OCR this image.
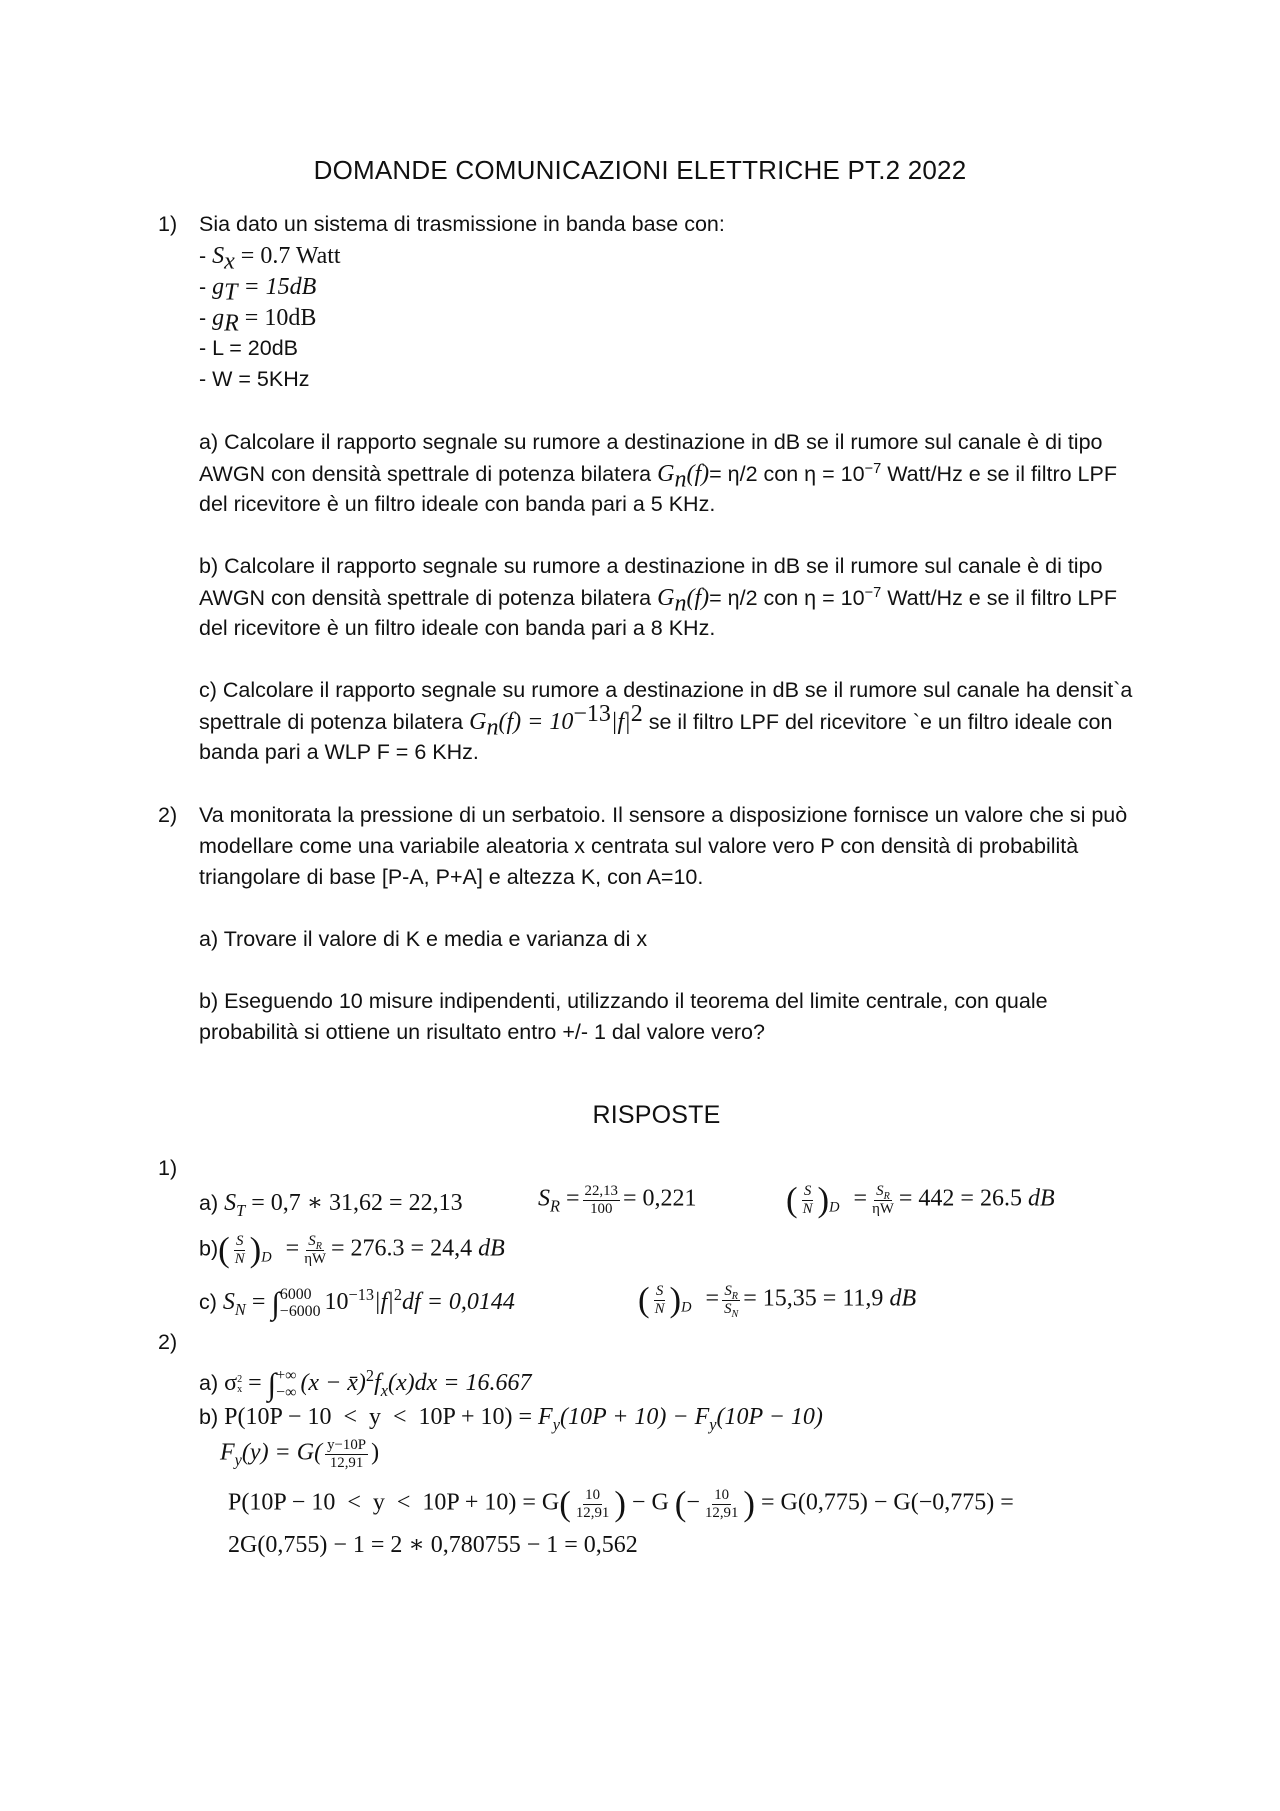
DOMANDE COMUNICAZIONI ELETTRICHE PT.2 2022
1) Sia dato un sistema di trasmissione in banda base con:
- $S_x = 0.7$ Watt
- $g_T = 15dB$
- $g_R = 10dB$
- L = 20dB
- W = 5KHz
a) Calcolare il rapporto segnale su rumore a destinazione in dB se il rumore sul canale è di tipo
AWGN con densità spettrale di potenza bilatera $G_n(f)= \eta/2$ con $\eta = 10^{-7}$ Watt/Hz e se il filtro LPF
del ricevitore è un filtro ideale con banda pari a 5 KHz.
b) Calcolare il rapporto segnale su rumore a destinazione in dB se il rumore sul canale è di tipo
AWGN con densità spettrale di potenza bilatera $G_n(f)= \eta/2$ con $\eta = 10^{-7}$ Watt/Hz e se il filtro LPF
del ricevitore è un filtro ideale con banda pari a 8 KHz.
c) Calcolare il rapporto segnale su rumore a destinazione in dB se il rumore sul canale ha densit`a
spettrale di potenza bilatera $G_n(f) = 10^{-13}|f|^2$ se il filtro LPF del ricevitore `e un filtro ideale con
banda pari a WLP F = 6 KHz.
2) Va monitorata la pressione di un serbatoio. Il sensore a disposizione fornisce un valore che si può
modellare come una variabile aleatoria x centrata sul valore vero P con densità di probabilità
triangolare di base [P-A, P+A] e altezza K, con A=10.
a) Trovare il valore di K e media e varianza di x
b) Eseguendo 10 misure indipendenti, utilizzando il teorema del limite centrale, con quale
probabilità si ottiene un risultato entro +/- 1 dal valore vero?
RISPOSTE
1)
a) $S_T = 0,7$ ∗ 31,62 = 22,13	$S_R = \frac{22,13}{100} = 0,221$	( $\frac{S}{N} )_D = \frac{S_R}{\eta W} = 442 = 26.5$ dB
$b)( \frac{S}{N} )_D = \frac{S_R}{\eta W} = 276.3 = 24,4$ dB
c) $S_N$ = ∫ 6000
−6000 $10^{-13}|f|^2df = 0,0144$	( $\frac{S}{N} )_D = \frac{S_R}{S_N} = 15,35 = 11,9$ dB
2)
a) σ 2
x = ∫ +∞
−∞ $(x - x̄)^2f_x(x)dx = 16.667$
b) $P(10P - 10 < y < 10P + 10) = F_y(10P + 10) - F_y(10P - 10)$
$F_y(y) = G( \frac{y-10P}{12,91}$ )
$P(10P - 10 < y < 10P + 10) = G( \frac{10}{12,91}$ ) − G (− $\frac{10}{12,91}$ ) = G(0,775) − G(−0,775) =
2G(0,755) − 1 = 2 ∗ 0,780755 − 1 = 0,562
